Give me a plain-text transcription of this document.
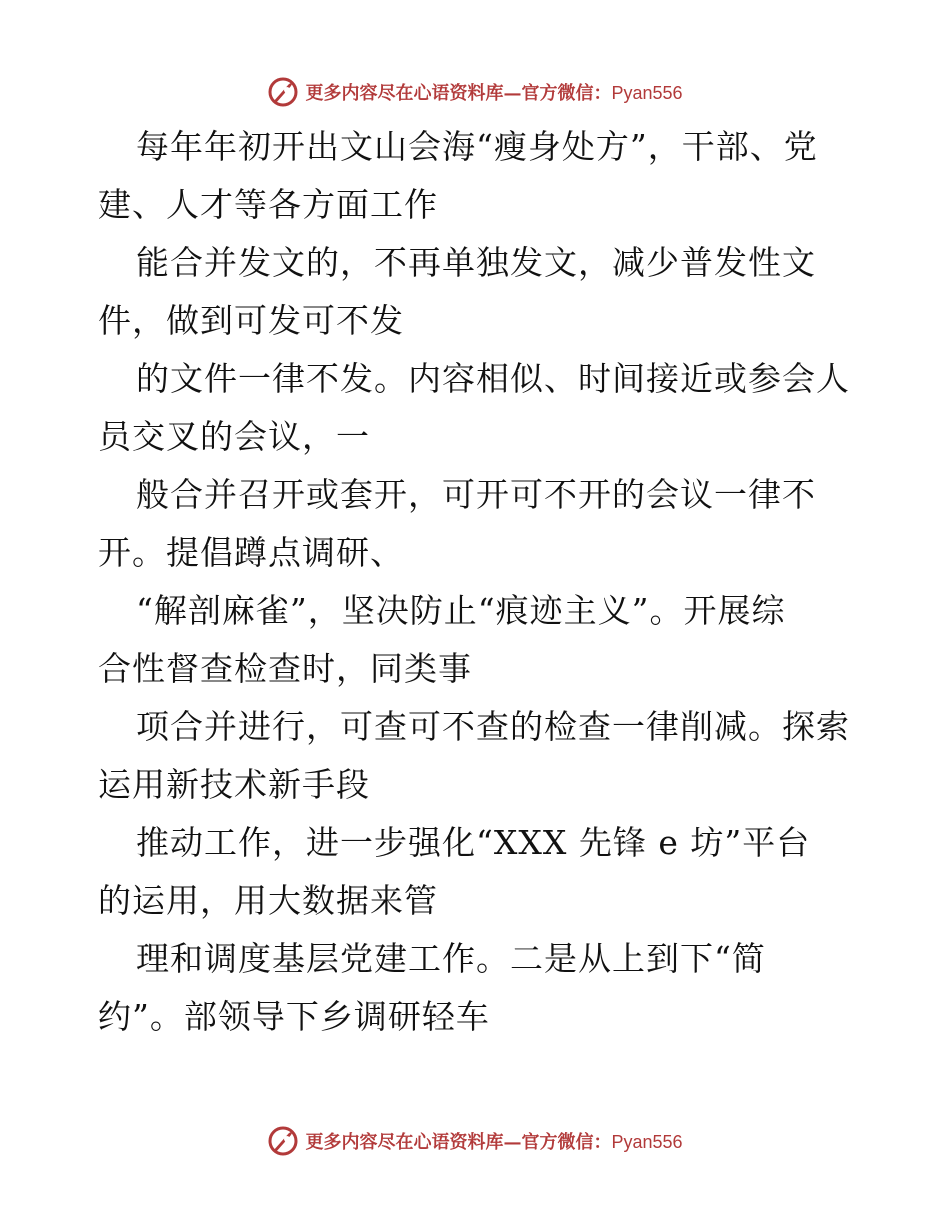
更多内容尽在心语资料库—官方微信：Pyan556
每年年初开出文山会海“瘦身处方”，干部、党
建、人才等各方面工作
能合并发文的，不再单独发文，减少普发性文
件，做到可发可不发
的文件一律不发。内容相似、时间接近或参会人
员交叉的会议，一
般合并召开或套开，可开可不开的会议一律不
开。提倡蹲点调研、
“解剖麻雀”，坚决防止“痕迹主义”。开展综
合性督查检查时，同类事
项合并进行，可查可不查的检查一律削减。探索
运用新技术新手段
推动工作，进一步强化“XXX 先锋 e 坊”平台
的运用，用大数据来管
理和调度基层党建工作。二是从上到下“简
约”。部领导下乡调研轻车
更多内容尽在心语资料库—官方微信：Pyan556
